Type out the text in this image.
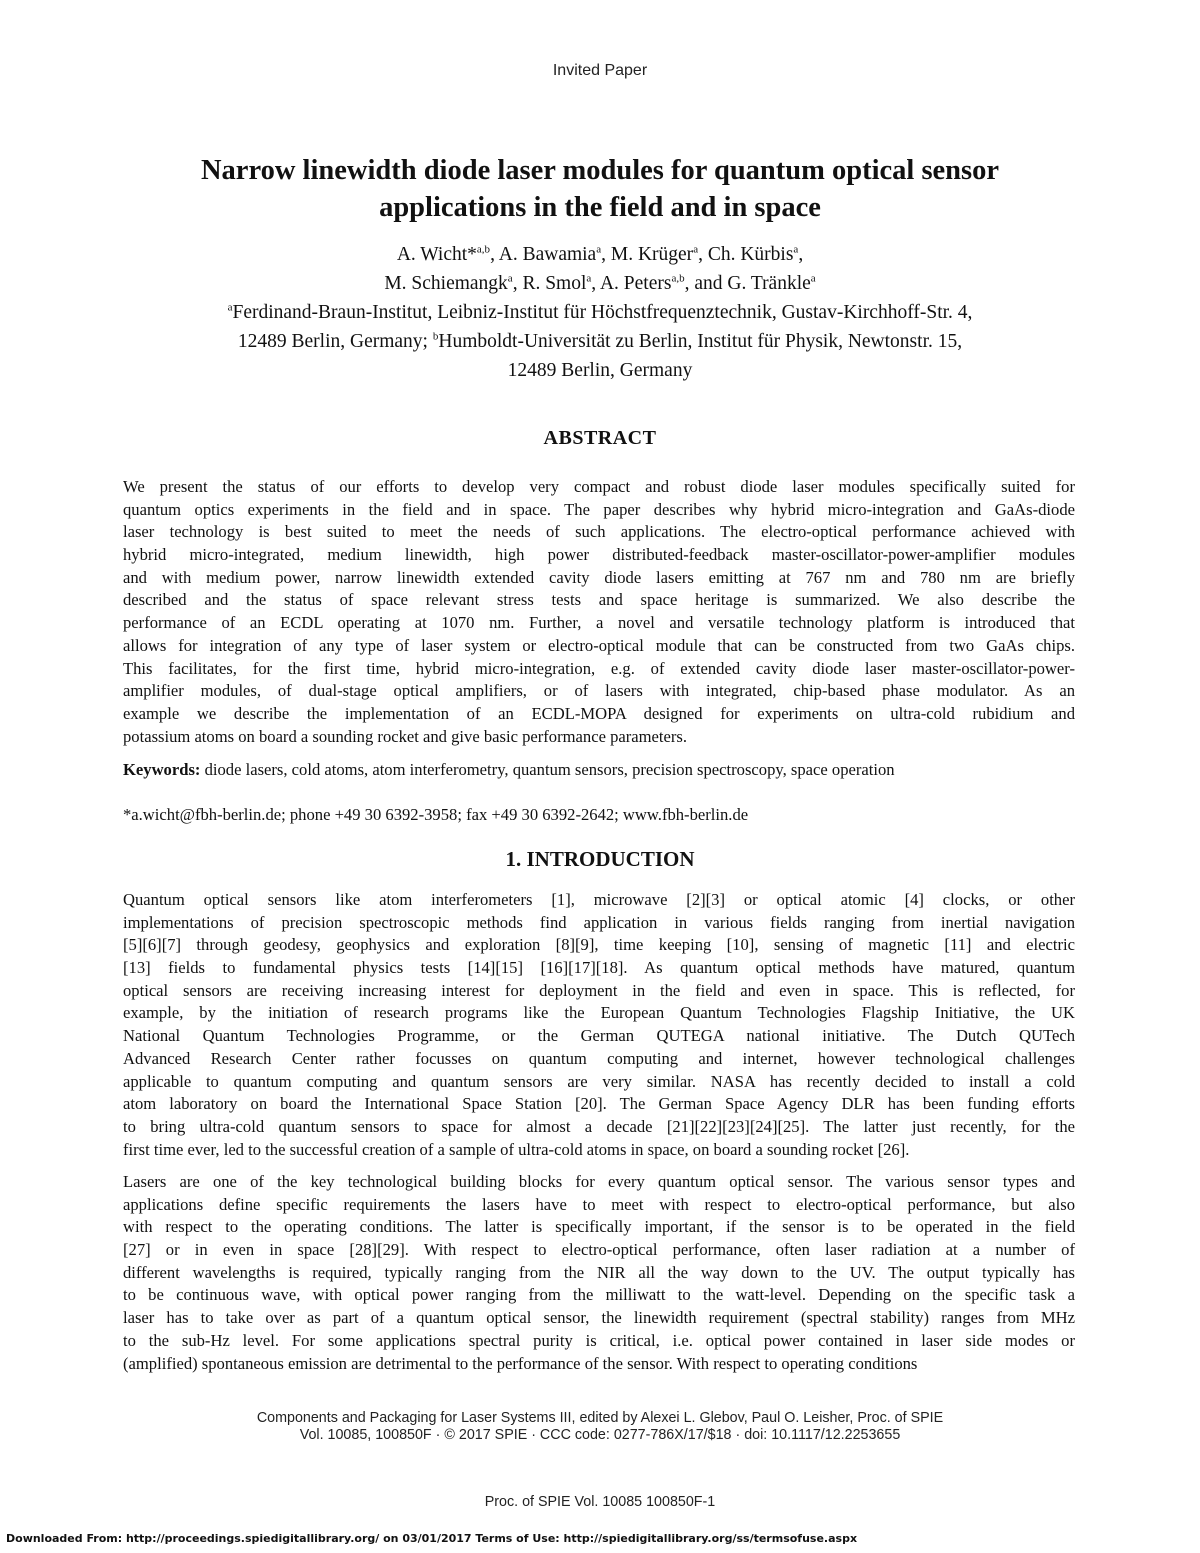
Invited Paper
Narrow linewidth diode laser modules for quantum optical sensor
applications in the field and in space
A. Wicht*$^{a,b}$, A. Bawamia$^a$, M. Krüger$^a$, Ch. Kürbis$^a$,
M. Schiemangk$^a$, R. Smol$^a$, A. Peters$^{a,b}$, and G. Tränkle$^a$
$^a$Ferdinand-Braun-Institut, Leibniz-Institut für Höchstfrequenztechnik, Gustav-Kirchhoff-Str. 4,
12489 Berlin, Germany; $^b$Humboldt-Universität zu Berlin, Institut für Physik, Newtonstr. 15,
12489 Berlin, Germany
ABSTRACT
We present the status of our efforts to develop very compact and robust diode laser modules specifically suited for
quantum optics experiments in the field and in space. The paper describes why hybrid micro-integration and GaAs-diode
laser technology is best suited to meet the needs of such applications. The electro-optical performance achieved with
hybrid micro-integrated, medium linewidth, high power distributed-feedback master-oscillator-power-amplifier modules
and with medium power, narrow linewidth extended cavity diode lasers emitting at 767 nm and 780 nm are briefly
described and the status of space relevant stress tests and space heritage is summarized. We also describe the
performance of an ECDL operating at 1070 nm. Further, a novel and versatile technology platform is introduced that
allows for integration of any type of laser system or electro-optical module that can be constructed from two GaAs chips.
This facilitates, for the first time, hybrid micro-integration, e.g. of extended cavity diode laser master-oscillator-power-
amplifier modules, of dual-stage optical amplifiers, or of lasers with integrated, chip-based phase modulator. As an
example we describe the implementation of an ECDL-MOPA designed for experiments on ultra-cold rubidium and
potassium atoms on board a sounding rocket and give basic performance parameters.
Keywords: diode lasers, cold atoms, atom interferometry, quantum sensors, precision spectroscopy, space operation
*a.wicht@fbh-berlin.de; phone +49 30 6392-3958; fax +49 30 6392-2642; www.fbh-berlin.de
1. INTRODUCTION
Quantum optical sensors like atom interferometers [1], microwave [2][3] or optical atomic [4] clocks, or other
implementations of precision spectroscopic methods find application in various fields ranging from inertial navigation
[5][6][7] through geodesy, geophysics and exploration [8][9], time keeping [10], sensing of magnetic [11] and electric
[13] fields to fundamental physics tests [14][15] [16][17][18]. As quantum optical methods have matured, quantum
optical sensors are receiving increasing interest for deployment in the field and even in space. This is reflected, for
example, by the initiation of research programs like the European Quantum Technologies Flagship Initiative, the UK
National Quantum Technologies Programme, or the German QUTEGA national initiative. The Dutch QUTech
Advanced Research Center rather focusses on quantum computing and internet, however technological challenges
applicable to quantum computing and quantum sensors are very similar. NASA has recently decided to install a cold
atom laboratory on board the International Space Station [20]. The German Space Agency DLR has been funding efforts
to bring ultra-cold quantum sensors to space for almost a decade [21][22][23][24][25]. The latter just recently, for the
first time ever, led to the successful creation of a sample of ultra-cold atoms in space, on board a sounding rocket [26].
Lasers are one of the key technological building blocks for every quantum optical sensor. The various sensor types and
applications define specific requirements the lasers have to meet with respect to electro-optical performance, but also
with respect to the operating conditions. The latter is specifically important, if the sensor is to be operated in the field
[27] or in even in space [28][29]. With respect to electro-optical performance, often laser radiation at a number of
different wavelengths is required, typically ranging from the NIR all the way down to the UV. The output typically has
to be continuous wave, with optical power ranging from the milliwatt to the watt-level. Depending on the specific task a
laser has to take over as part of a quantum optical sensor, the linewidth requirement (spectral stability) ranges from MHz
to the sub-Hz level. For some applications spectral purity is critical, i.e. optical power contained in laser side modes or
(amplified) spontaneous emission are detrimental to the performance of the sensor. With respect to operating conditions
Components and Packaging for Laser Systems III, edited by Alexei L. Glebov, Paul O. Leisher, Proc. of SPIE
Vol. 10085, 100850F · © 2017 SPIE · CCC code: 0277-786X/17/$18 · doi: 10.1117/12.2253655
Proc. of SPIE Vol. 10085 100850F-1
Downloaded From: http://proceedings.spiedigitallibrary.org/ on 03/01/2017 Terms of Use: http://spiedigitallibrary.org/ss/termsofuse.aspx
